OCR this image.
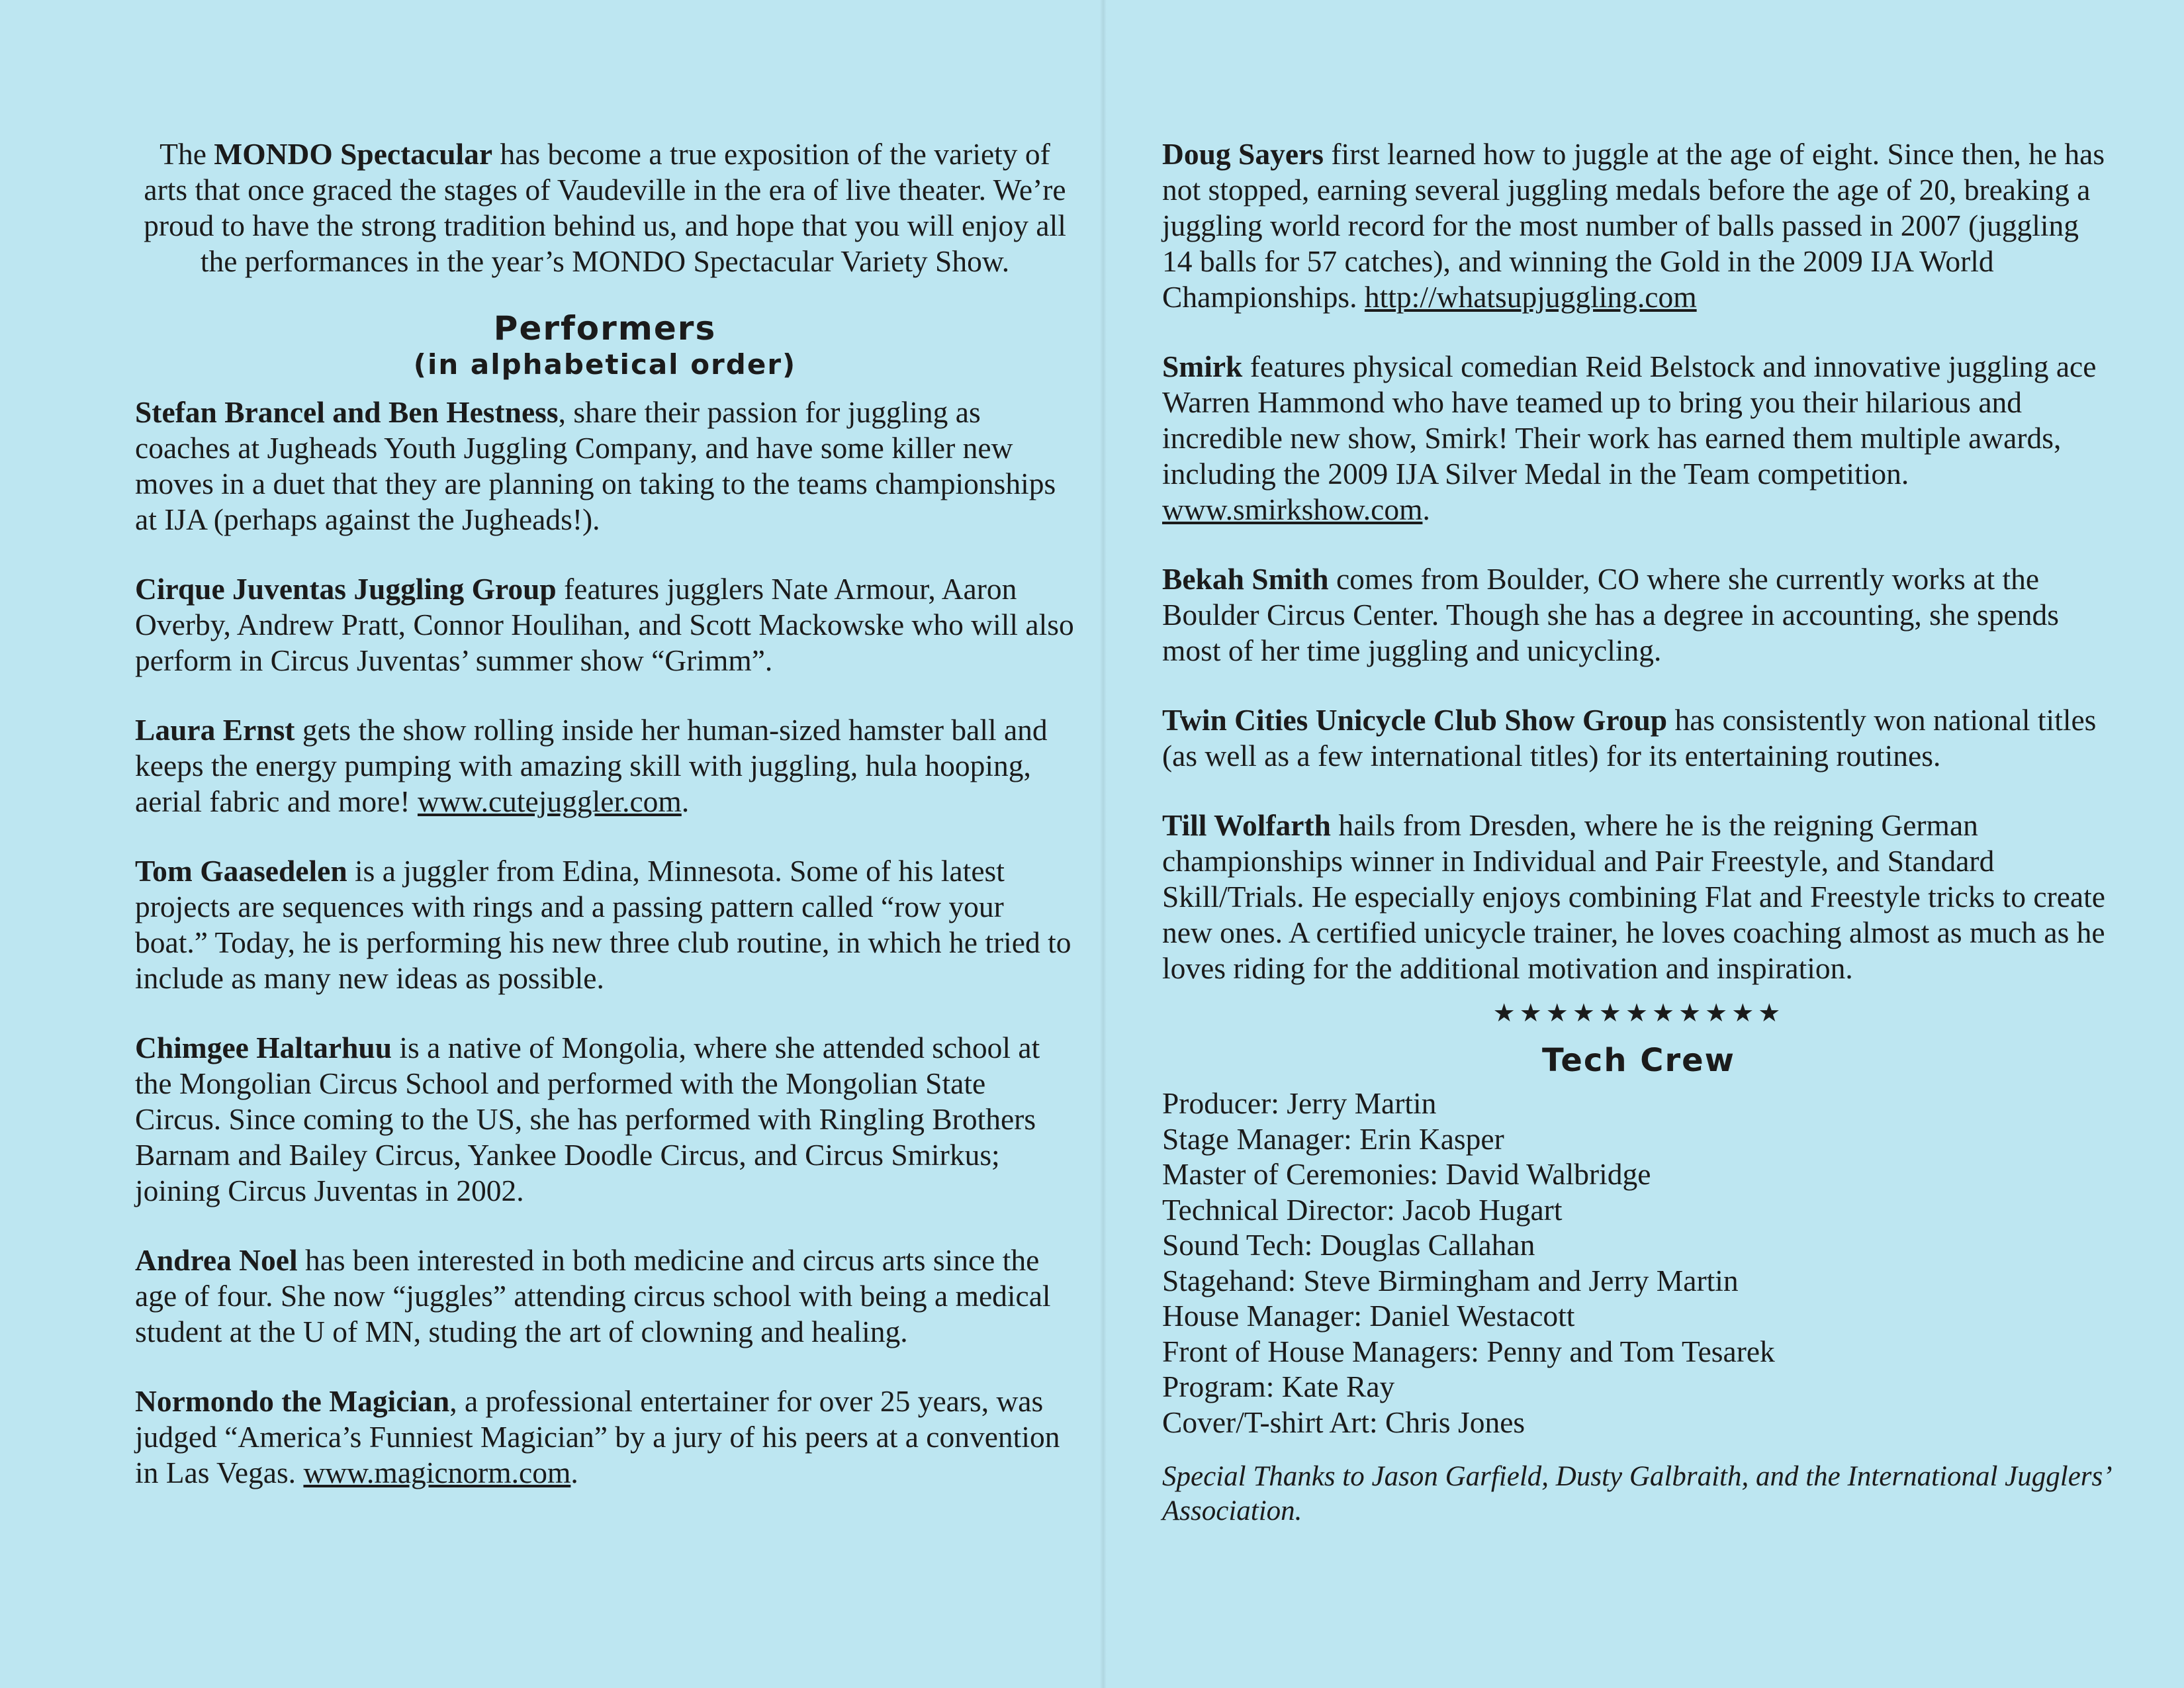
The MONDO Spectacular has become a true exposition of the variety of arts that once graced the stages of Vaudeville in the era of live theater. We’re proud to have the strong tradition behind us, and hope that you will enjoy all the performances in the year’s MONDO Spectacular Variety Show.

Performers
(in alphabetical order)

Stefan Brancel and Ben Hestness, share their passion for juggling as coaches at Jugheads Youth Juggling Company, and have some killer new moves in a duet that they are planning on taking to the teams championships at IJA (perhaps against the Jugheads!).

Cirque Juventas Juggling Group features jugglers Nate Armour, Aaron Overby, Andrew Pratt, Connor Houlihan, and Scott Mackowske who will also perform in Circus Juventas’ summer show “Grimm”.

Laura Ernst gets the show rolling inside her human-sized hamster ball and keeps the energy pumping with amazing skill with juggling, hula hooping, aerial fabric and more! www.cutejuggler.com.

Tom Gaasedelen is a juggler from Edina, Minnesota. Some of his latest projects are sequences with rings and a passing pattern called “row your boat.” Today, he is performing his new three club routine, in which he tried to include as many new ideas as possible.

Chimgee Haltarhuu is a native of Mongolia, where she attended school at the Mongolian Circus School and performed with the Mongolian State Circus. Since coming to the US, she has performed with Ringling Brothers Barnam and Bailey Circus, Yankee Doodle Circus, and Circus Smirkus; joining Circus Juventas in 2002.

Andrea Noel has been interested in both medicine and circus arts since the age of four. She now “juggles” attending circus school with being a medical student at the U of MN, studing the art of clowning and healing.

Normondo the Magician, a professional entertainer for over 25 years, was judged “America’s Funniest Magician” by a jury of his peers at a convention in Las Vegas. www.magicnorm.com.

Doug Sayers first learned how to juggle at the age of eight. Since then, he has not stopped, earning several juggling medals before the age of 20, breaking a juggling world record for the most number of balls passed in 2007 (juggling 14 balls for 57 catches), and winning the Gold in the 2009 IJA World Championships. http://whatsupjuggling.com

Smirk features physical comedian Reid Belstock and innovative juggling ace Warren Hammond who have teamed up to bring you their hilarious and incredible new show, Smirk! Their work has earned them multiple awards, including the 2009 IJA Silver Medal in the Team competition. www.smirkshow.com.

Bekah Smith comes from Boulder, CO where she currently works at the Boulder Circus Center. Though she has a degree in accounting, she spends most of her time juggling and unicycling.

Twin Cities Unicycle Club Show Group has consistently won national titles (as well as a few international titles) for its entertaining routines.

Till Wolfarth hails from Dresden, where he is the reigning German championships winner in Individual and Pair Freestyle, and Standard Skill/Trials. He especially enjoys combining Flat and Freestyle tricks to create new ones. A certified unicycle trainer, he loves coaching almost as much as he loves riding for the additional motivation and inspiration.

★★★★★★★★★★★
Tech Crew

Producer: Jerry Martin

Stage Manager: Erin Kasper

Master of Ceremonies: David Walbridge

Technical Director: Jacob Hugart

Sound Tech: Douglas Callahan

Stagehand: Steve Birmingham and Jerry Martin

House Manager: Daniel Westacott

Front of House Managers: Penny and Tom Tesarek

Program: Kate Ray

Cover/T-shirt Art: Chris Jones

Special Thanks to Jason Garfield, Dusty Galbraith, and the International Jugglers’ Association.
